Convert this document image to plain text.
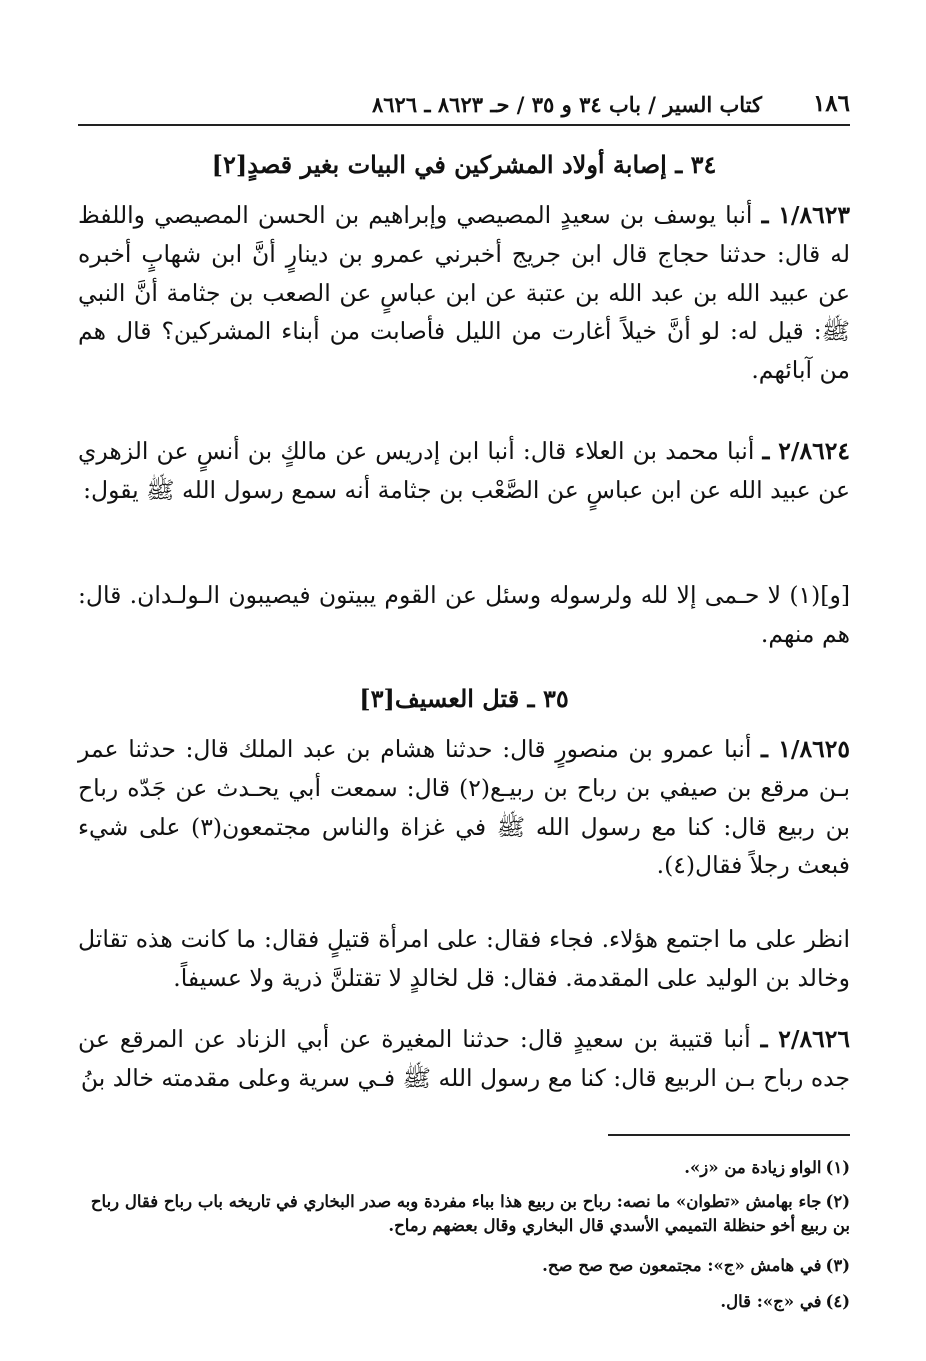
١٨٦
كتاب السير / باب ٣٤ و ٣٥ / حـ ٨٦٢٣ ـ ٨٦٢٦
٣٤ ـ إصابة أولاد المشركين في البيات بغير قصدٍ[٢]

١/٨٦٢٣ ـ أنبا يوسف بن سعيدٍ المصيصي وإبراهيم بن الحسن المصيصي واللفظ له قال: حدثنا حجاج قال ابن جريج أخبرني عمرو بن دينارٍ أنَّ ابن شهابٍ أخبره عن عبيد الله بن عبد الله بن عتبة عن ابن عباسٍ عن الصعب بن جثامة أنَّ النبي ﷺ: قيل له: لو أنَّ خيلاً أغارت من الليل فأصابت من أبناء المشركين؟ قال هم من آبائهم.

٢/٨٦٢٤ ـ أنبا محمد بن العلاء قال: أنبا ابن إدريس عن مالكٍ بن أنسٍ عن الزهري عن عبيد الله عن ابن عباسٍ عن الصَّعْب بن جثامة أنه سمع رسول الله ﷺ يقول:

[و](١) لا حـمى إلا لله ولرسوله وسئل عن القوم يبيتون فيصيبون الـولـدان. قال: هم منهم.

٣٥ ـ قتل العسيف[٣]

١/٨٦٢٥ ـ أنبا عمرو بن منصورٍ قال: حدثنا هشام بن عبد الملك قال: حدثنا عمر بـن مرقع بن صيفي بن رباح بن ربيـع(٢) قال: سمعت أبي يحـدث عن جَدّه رباح بن ربيع قال: كنا مع رسول الله ﷺ في غزاة والناس مجتمعون(٣) على شيء فبعث رجلاً فقال(٤).

انظر على ما اجتمع هؤلاء. فجاء فقال: على امرأة قتيلٍ فقال: ما كانت هذه تقاتل وخالد بن الوليد على المقدمة. فقال: قل لخالدٍ لا تقتلنَّ ذرية ولا عسيفاً.

٢/٨٦٢٦ ـ أنبا قتيبة بن سعيدٍ قال: حدثنا المغيرة عن أبي الزناد عن المرقع عن جده رباح بـن الربيع قال: كنا مع رسول الله ﷺ فـي سرية وعلى مقدمته خالد بنُ

(١)الواو زيادة من «ز».
(٢)جاء بهامش «تطوان» ما نصه: رباح بن ربيع هذا بباء مفردة وبه صدر البخاري في تاريخه باب رباح فقال رباح بن ربيع أخو حنظلة التميمي الأسدي قال البخاري وقال بعضهم رماح.
(٣)في هامش «ج»: مجتمعون صح صح صح.
(٤)في «ج»: قال.
